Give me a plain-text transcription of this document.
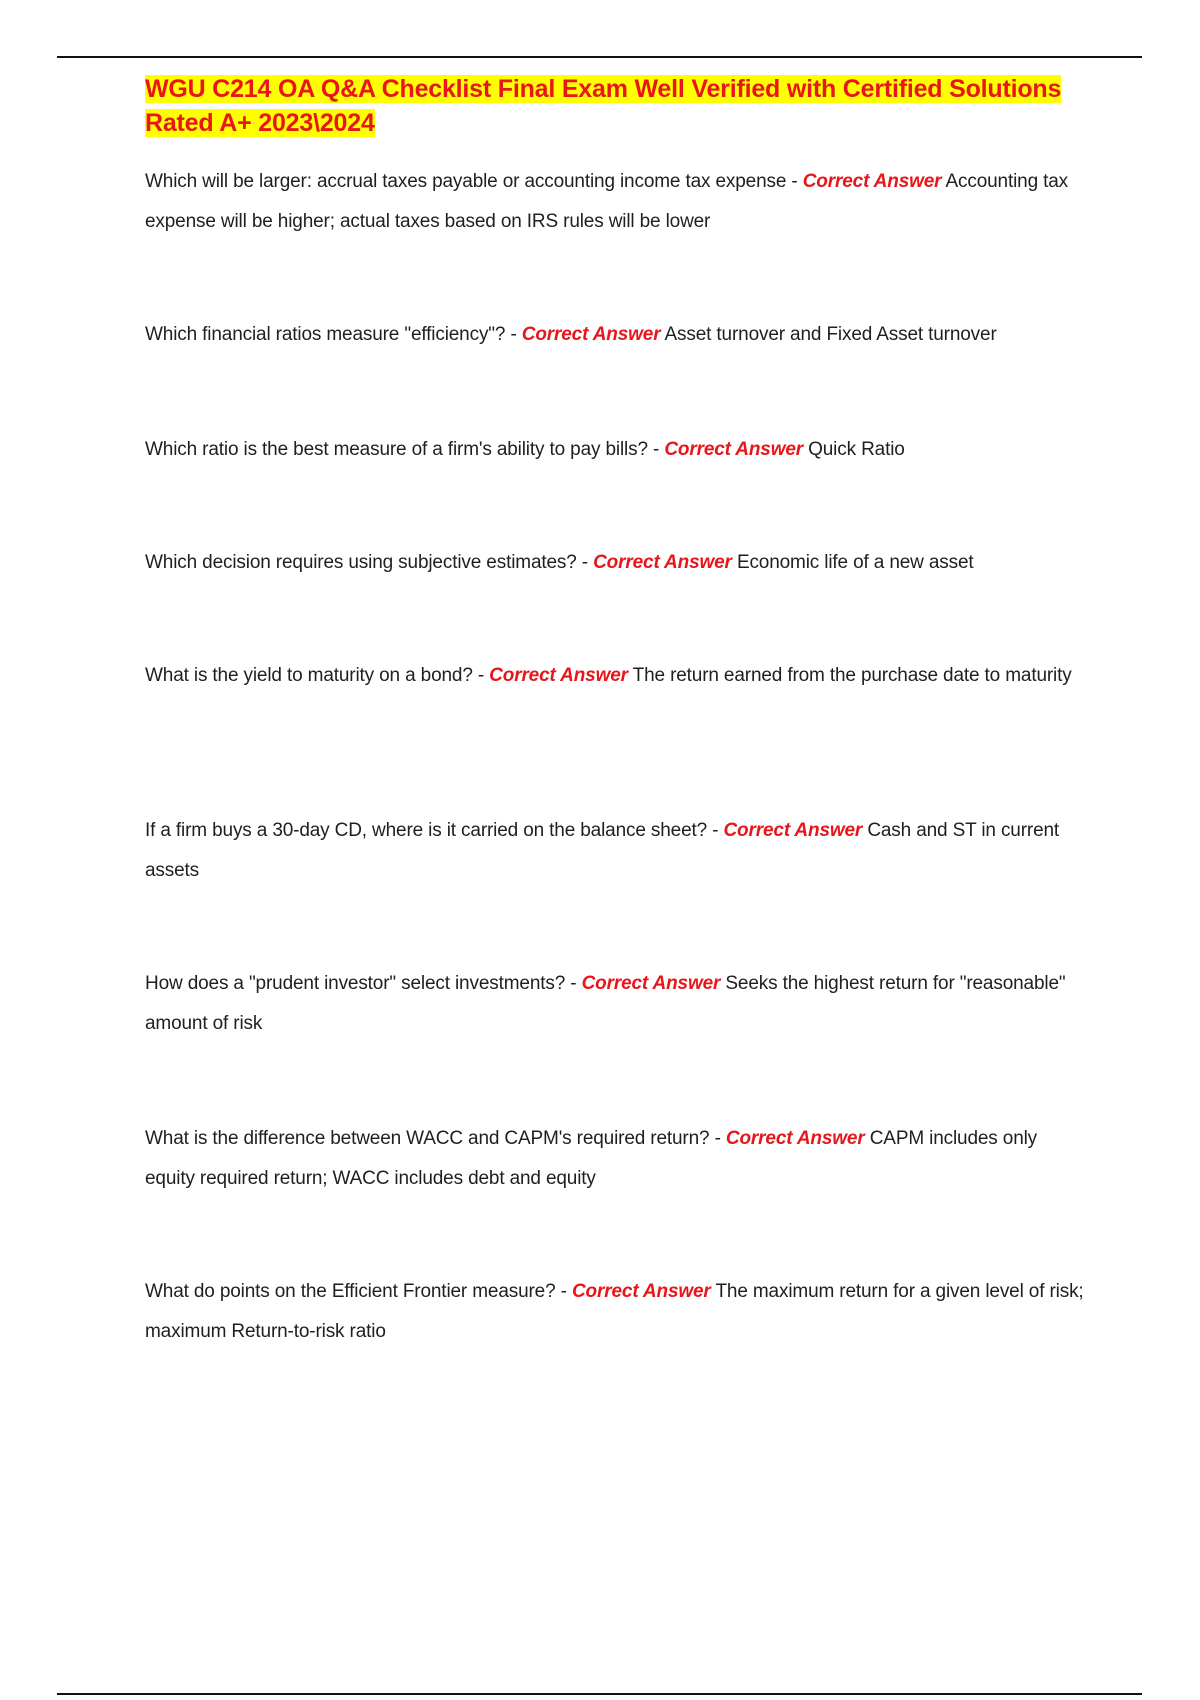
WGU C214 OA Q&A Checklist Final Exam Well Verified with Certified Solutions Rated A+ 2023\2024

Which will be larger: accrual taxes payable or accounting income tax expense - Correct Answer Accounting tax expense will be higher; actual taxes based on IRS rules will be lower

Which financial ratios measure "efficiency"? - Correct Answer Asset turnover and Fixed Asset turnover

Which ratio is the best measure of a firm's ability to pay bills? - Correct Answer Quick Ratio

Which decision requires using subjective estimates? - Correct Answer Economic life of a new asset

What is the yield to maturity on a bond? - Correct Answer The return earned from the purchase date to maturity

If a firm buys a 30-day CD, where is it carried on the balance sheet? - Correct Answer Cash and ST in current assets

How does a "prudent investor" select investments? - Correct Answer Seeks the highest return for "reasonable" amount of risk

What is the difference between WACC and CAPM's required return? - Correct Answer CAPM includes only equity required return; WACC includes debt and equity

What do points on the Efficient Frontier measure? - Correct Answer The maximum return for a given level of risk; maximum Return-to-risk ratio
